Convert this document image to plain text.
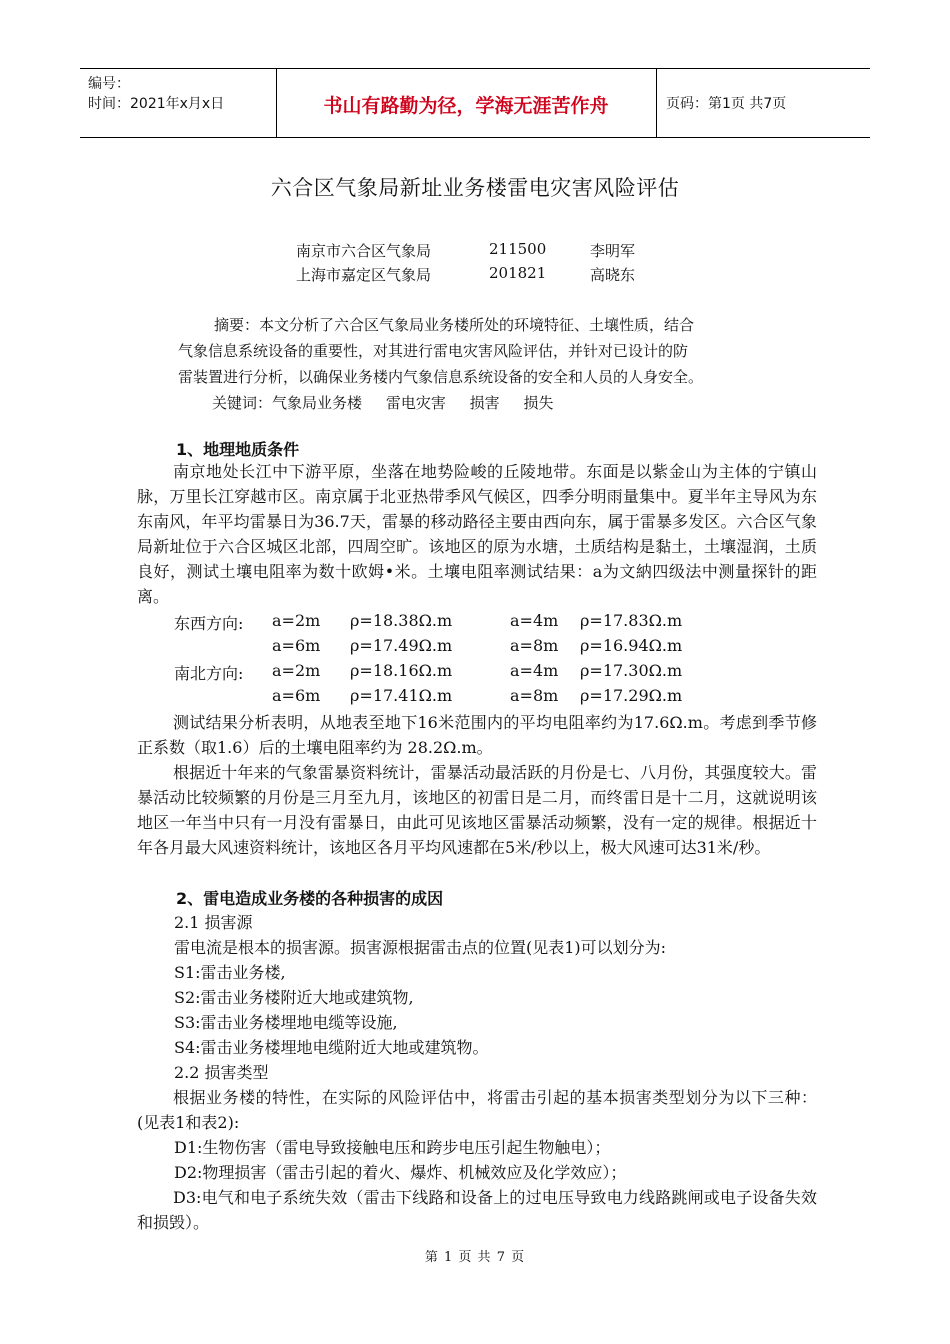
编号：
时间：2021年x月x日	书山有路勤为径，学海无涯苦作舟	页码：第1页 共7页
六合区气象局新址业务楼雷电灾害风险评估
南京市六合区气象局	211500	李明军
上海市嘉定区气象局	201821	高晓东
摘要：本文分析了六合区气象局业务楼所处的环境特征、土壤性质，结合
气象信息系统设备的重要性，对其进行雷电灾害风险评估，并针对已设计的防
雷装置进行分析，以确保业务楼内气象信息系统设备的安全和人员的人身安全。
关键词：气象局业务楼     雷电灾害     损害     损失
1、地理地质条件
南京地处长江中下游平原，坐落在地势险峻的丘陵地带。东面是以紫金山为主体的宁镇山脉，万里长江穿越市区。南京属于北亚热带季风气候区，四季分明雨量集中。夏半年主导风为东东南风，年平均雷暴日为36.7天，雷暴的移动路径主要由西向东，属于雷暴多发区。六合区气象局新址位于六合区城区北部，四周空旷。该地区的原为水塘，土质结构是黏土，土壤湿润，土质良好，测试土壤电阻率为数十欧姆•米。土壤电阻率测试结果：a为文納四级法中测量探针的距离。
东西方向: a=2m ρ=18.38Ω.m	a=4m ρ=17.83Ω.m
a=6m ρ=17.49Ω.m	a=8m ρ=16.94Ω.m
南北方向: a=2m ρ=18.16Ω.m	a=4m ρ=17.30Ω.m
a=6m ρ=17.41Ω.m	a=8m ρ=17.29Ω.m
测试结果分析表明，从地表至地下16米范围内的平均电阻率约为17.6Ω.m。考虑到季节修正系数（取1.6）后的土壤电阻率约为 28.2Ω.m。
根据近十年来的气象雷暴资料统计，雷暴活动最活跃的月份是七、八月份，其强度较大。雷暴活动比较频繁的月份是三月至九月，该地区的初雷日是二月，而终雷日是十二月，这就说明该地区一年当中只有一月没有雷暴日，由此可见该地区雷暴活动频繁，没有一定的规律。根据近十年各月最大风速资料统计，该地区各月平均风速都在5米/秒以上，极大风速可达31米/秒。
2、雷电造成业务楼的各种损害的成因
2.1 损害源
雷电流是根本的损害源。损害源根据雷击点的位置(见表1)可以划分为:
S1:雷击业务楼,
S2:雷击业务楼附近大地或建筑物,
S3:雷击业务楼埋地电缆等设施,
S4:雷击业务楼埋地电缆附近大地或建筑物。
2.2 损害类型
根据业务楼的特性，在实际的风险评估中，将雷击引起的基本损害类型划分为以下三种：(见表1和表2):
D1:生物伤害（雷电导致接触电压和跨步电压引起生物触电）；
D2:物理损害（雷击引起的着火、爆炸、机械效应及化学效应）；
D3:电气和电子系统失效（雷击下线路和设备上的过电压导致电力线路跳闸或电子设备失效和损毁）。
第 1 页 共 7 页
